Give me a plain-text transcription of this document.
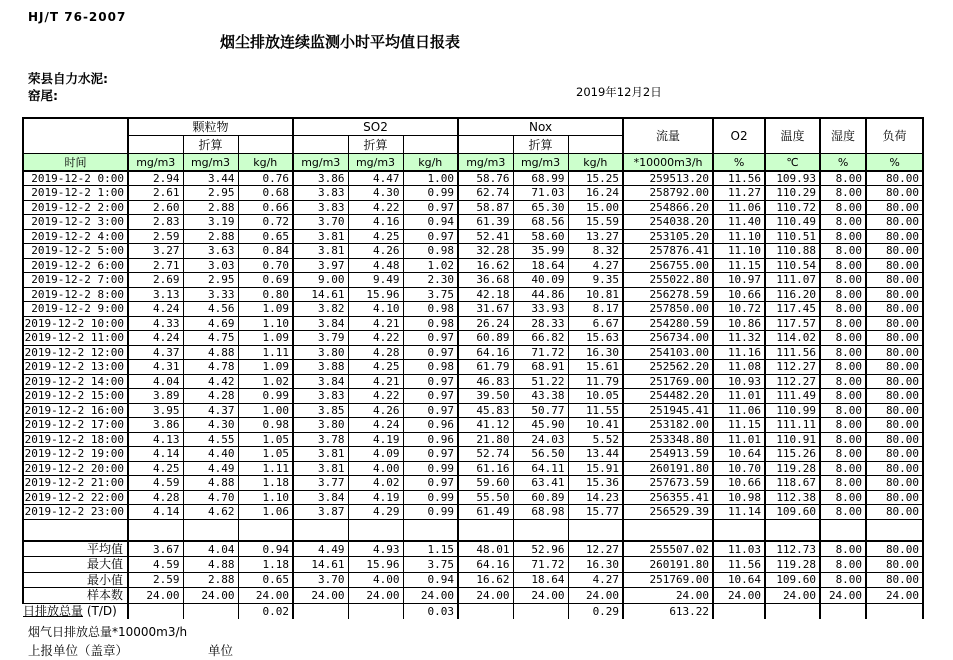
HJ/T 76-2007
烟尘排放连续监测小时平均值日报表
荣县自力水泥:
窑尾:	2019年12月2日
	颗粒物			SO2			Nox			流量	O2	温度	湿度	负荷
		折算			折算			折算						
时间	mg/m3	mg/m3	kg/h	mg/m3	mg/m3	kg/h	mg/m3	mg/m3	kg/h	*10000m3/h	%	℃	%	%
2019-12-2 0:00	2.94	3.44	0.76	3.86	4.47	1.00	58.76	68.99	15.25	259513.20	11.56	109.93	8.00	80.00
2019-12-2 1:00	2.61	2.95	0.68	3.83	4.30	0.99	62.74	71.03	16.24	258792.00	11.27	110.29	8.00	80.00
2019-12-2 2:00	2.60	2.88	0.66	3.83	4.22	0.97	58.87	65.30	15.00	254866.20	11.06	110.72	8.00	80.00
2019-12-2 3:00	2.83	3.19	0.72	3.70	4.16	0.94	61.39	68.56	15.59	254038.20	11.40	110.49	8.00	80.00
2019-12-2 4:00	2.59	2.88	0.65	3.81	4.25	0.97	52.41	58.60	13.27	253105.20	11.10	110.51	8.00	80.00
2019-12-2 5:00	3.27	3.63	0.84	3.81	4.26	0.98	32.28	35.99	8.32	257876.41	11.10	110.88	8.00	80.00
2019-12-2 6:00	2.71	3.03	0.70	3.97	4.48	1.02	16.62	18.64	4.27	256755.00	11.15	110.54	8.00	80.00
2019-12-2 7:00	2.69	2.95	0.69	9.00	9.49	2.30	36.68	40.09	9.35	255022.80	10.97	111.07	8.00	80.00
2019-12-2 8:00	3.13	3.33	0.80	14.61	15.96	3.75	42.18	44.86	10.81	256278.59	10.66	116.20	8.00	80.00
2019-12-2 9:00	4.24	4.56	1.09	3.82	4.10	0.98	31.67	33.93	8.17	257850.00	10.72	117.45	8.00	80.00
2019-12-2 10:00	4.33	4.69	1.10	3.84	4.21	0.98	26.24	28.33	6.67	254280.59	10.86	117.57	8.00	80.00
2019-12-2 11:00	4.24	4.75	1.09	3.79	4.22	0.97	60.89	66.82	15.63	256734.00	11.32	114.02	8.00	80.00
2019-12-2 12:00	4.37	4.88	1.11	3.80	4.28	0.97	64.16	71.72	16.30	254103.00	11.16	111.56	8.00	80.00
2019-12-2 13:00	4.31	4.78	1.09	3.88	4.25	0.98	61.79	68.91	15.61	252562.20	11.08	112.27	8.00	80.00
2019-12-2 14:00	4.04	4.42	1.02	3.84	4.21	0.97	46.83	51.22	11.79	251769.00	10.93	112.27	8.00	80.00
2019-12-2 15:00	3.89	4.28	0.99	3.83	4.22	0.97	39.50	43.38	10.05	254482.20	11.01	111.49	8.00	80.00
2019-12-2 16:00	3.95	4.37	1.00	3.85	4.26	0.97	45.83	50.77	11.55	251945.41	11.06	110.99	8.00	80.00
2019-12-2 17:00	3.86	4.30	0.98	3.80	4.24	0.96	41.12	45.90	10.41	253182.00	11.15	111.11	8.00	80.00
2019-12-2 18:00	4.13	4.55	1.05	3.78	4.19	0.96	21.80	24.03	5.52	253348.80	11.01	110.91	8.00	80.00
2019-12-2 19:00	4.14	4.40	1.05	3.81	4.09	0.97	52.74	56.50	13.44	254913.59	10.64	115.26	8.00	80.00
2019-12-2 20:00	4.25	4.49	1.11	3.81	4.00	0.99	61.16	64.11	15.91	260191.80	10.70	119.28	8.00	80.00
2019-12-2 21:00	4.59	4.88	1.18	3.77	4.02	0.97	59.60	63.41	15.36	257673.59	10.66	118.67	8.00	80.00
2019-12-2 22:00	4.28	4.70	1.10	3.84	4.19	0.99	55.50	60.89	14.23	256355.41	10.98	112.38	8.00	80.00
2019-12-2 23:00	4.14	4.62	1.06	3.87	4.29	0.99	61.49	68.98	15.77	256529.39	11.14	109.60	8.00	80.00

平均值	3.67	4.04	0.94	4.49	4.93	1.15	48.01	52.96	12.27	255507.02	11.03	112.73	8.00	80.00
最大值	4.59	4.88	1.18	14.61	15.96	3.75	64.16	71.72	16.30	260191.80	11.56	119.28	8.00	80.00
最小值	2.59	2.88	0.65	3.70	4.00	0.94	16.62	18.64	4.27	251769.00	10.64	109.60	8.00	80.00
样本数	24.00	24.00	24.00	24.00	24.00	24.00	24.00	24.00	24.00	24.00	24.00	24.00	24.00	24.00
日排放总量 (T/D)			0.02			0.03			0.29	613.22				
烟气日排放总量*10000m3/h
上报单位（盖章）	单位
